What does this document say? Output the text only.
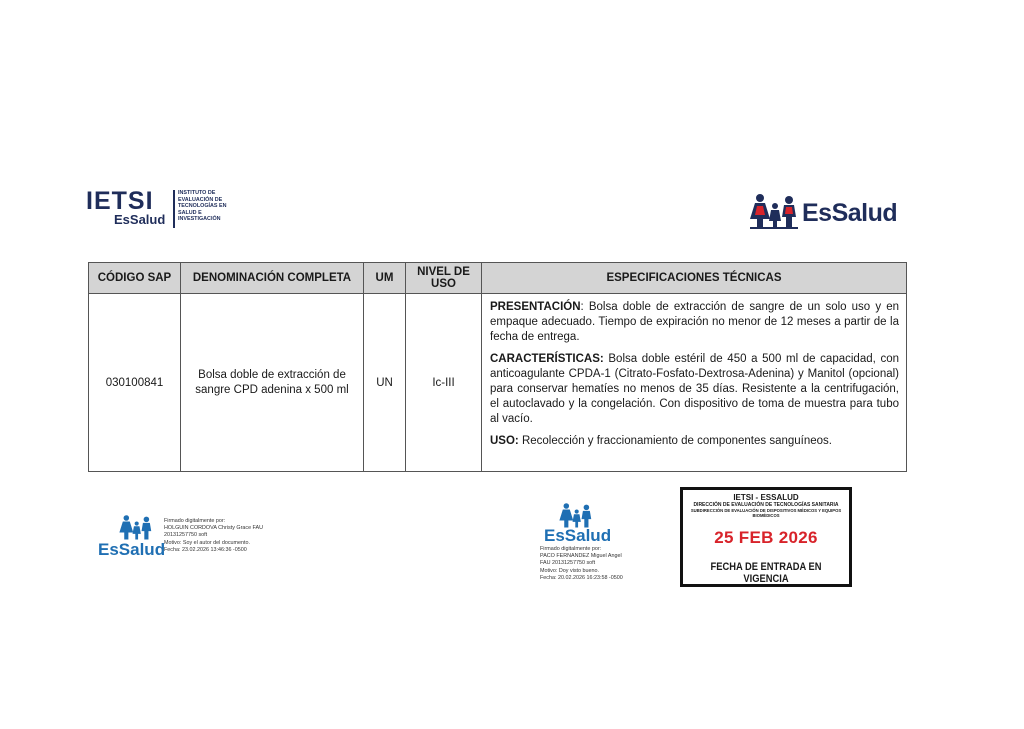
IETSI
EsSalud
INSTITUTO DE
EVALUACIÓN DE
TECNOLOGÍAS EN
SALUD E
INVESTIGACIÓN	EsSalud
CÓDIGO SAP	DENOMINACIÓN COMPLETA	UM	NIVEL DE USO	ESPECIFICACIONES TÉCNICAS
030100841	Bolsa doble de extracción de sangre CPD adenina x 500 ml	UN	Ic-III	PRESENTACIÓN: Bolsa doble de extracción de sangre de un solo uso y en empaque adecuado. Tiempo de expiración no menor de 12 meses a partir de la fecha de entrega.

CARACTERÍSTICAS: Bolsa doble estéril de 450 a 500 ml de capacidad, con anticoagulante CPDA-1 (Citrato-Fosfato-Dextrosa-Adenina) y Manitol (opcional) para conservar hematíes no menos de 35 días. Resistente a la centrifugación, el autoclavado y la congelación. Con dispositivo de toma de muestra para tubo al vacío.

USO: Recolección y fraccionamiento de componentes sanguíneos.

EsSalud
Firmado digitalmente por:
HOLGUIN CORDOVA Christy Grace FAU
20131257750 soft
Motivo: Soy el autor del documento.
Fecha: 23.02.2026 13:46:36 -0500
EsSalud
Firmado digitalmente por:
PACO FERNANDEZ Miguel Angel
FAU 20131257750 soft
Motivo: Doy visto bueno.
Fecha: 20.02.2026 16:23:58 -0500
IETSI - ESSALUD
DIRECCIÓN DE EVALUACIÓN DE TECNOLOGÍAS SANITARIA
SUBDIRECCIÓN DE EVALUACIÓN DE DISPOSITIVOS MÉDICOS Y EQUIPOS BIOMÉDICOS
25 FEB 2026
FECHA DE ENTRADA EN VIGENCIA
